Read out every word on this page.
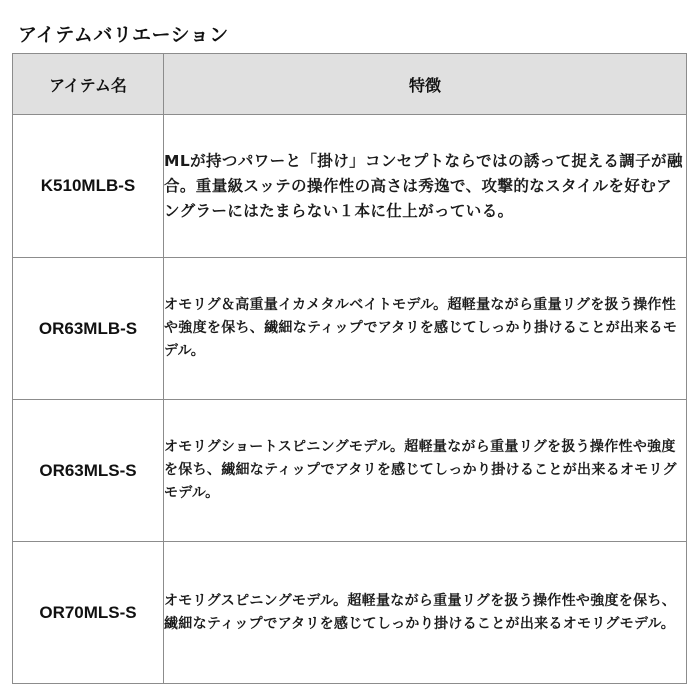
アイテムバリエーション
アイテム名	特徴
K510MLB-S	MLが持つパワーと「掛け」コンセプトならではの誘って捉える調子が融合。重量級スッテの操作性の高さは秀逸で、攻撃的なスタイルを好むアングラーにはたまらない１本に仕上がっている。
OR63MLB-S	オモリグ＆高重量イカメタルベイトモデル。超軽量ながら重量リグを扱う操作性や強度を保ち、繊細なティップでアタリを感じてしっかり掛けることが出来るモデル。
OR63MLS-S	オモリグショートスピニングモデル。超軽量ながら重量リグを扱う操作性や強度を保ち、繊細なティップでアタリを感じてしっかり掛けることが出来るオモリグモデル。
OR70MLS-S	オモリグスピニングモデル。超軽量ながら重量リグを扱う操作性や強度を保ち、繊細なティップでアタリを感じてしっかり掛けることが出来るオモリグモデル。
